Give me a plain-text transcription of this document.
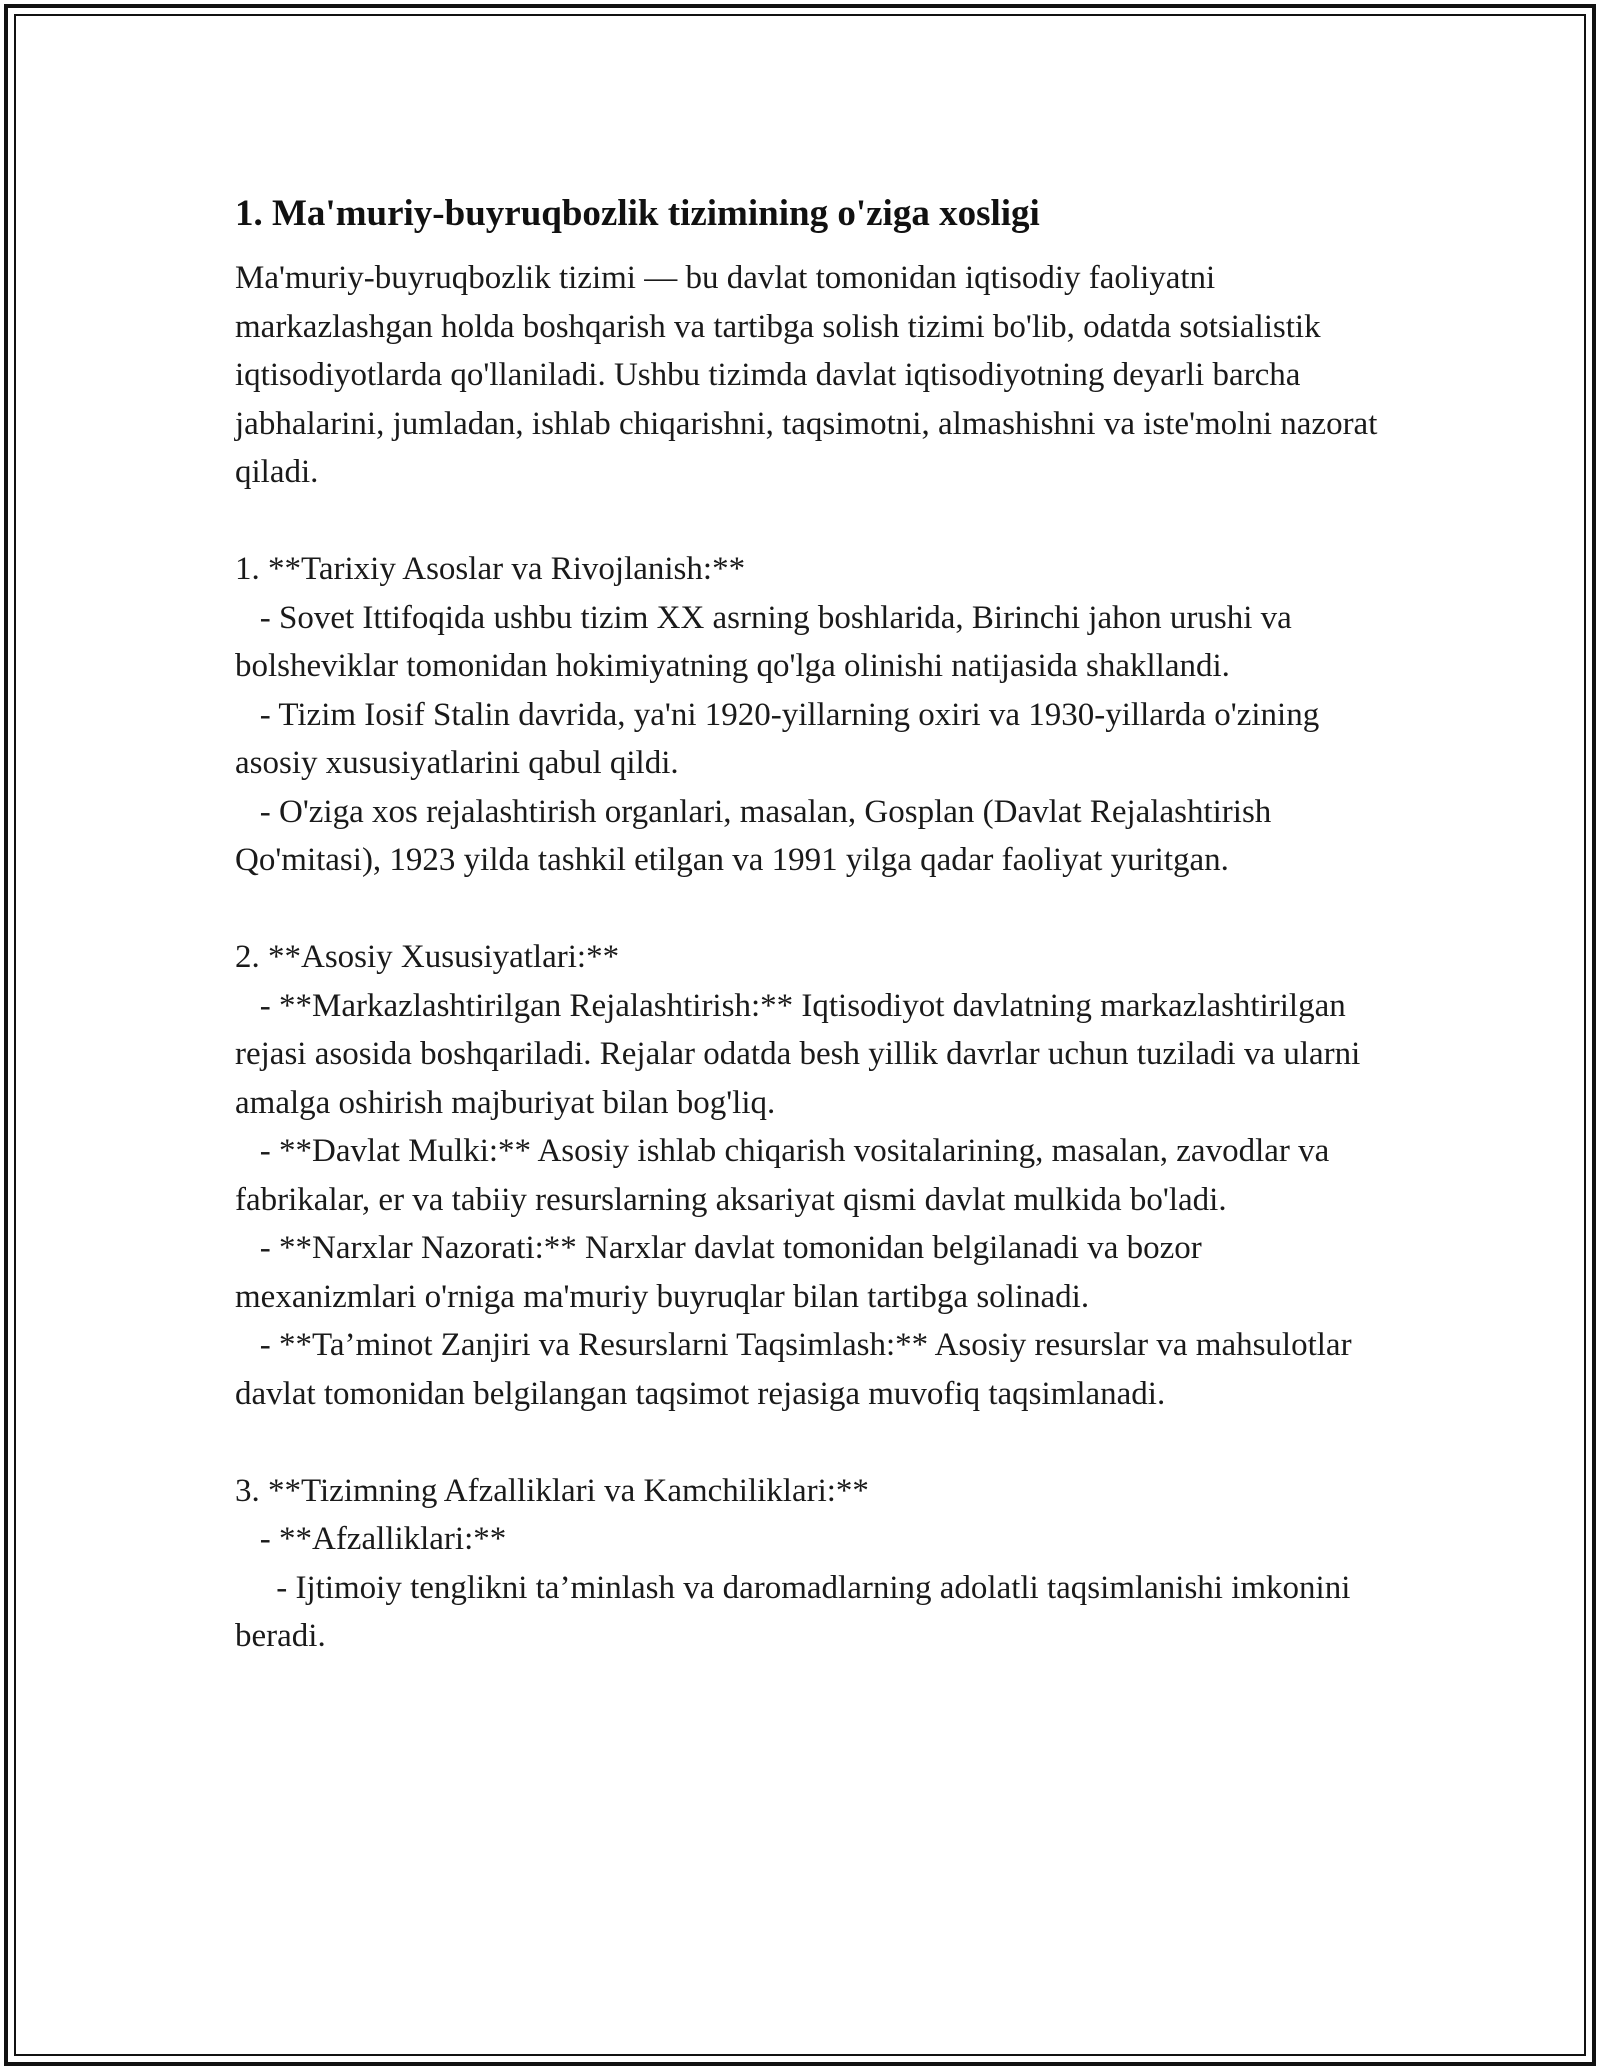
1. Ma'muriy-buyruqbozlik tizimining o'ziga xosligi

Ma'muriy-buyruqbozlik tizimi — bu davlat tomonidan iqtisodiy faoliyatni markazlashgan holda boshqarish va tartibga solish tizimi bo'lib, odatda sotsialistik iqtisodiyotlarda qo'llaniladi. Ushbu tizimda davlat iqtisodiyotning deyarli barcha jabhalarini, jumladan, ishlab chiqarishni, taqsimotni, almashishni va iste'molni nazorat qiladi.

1. **Tarixiy Asoslar va Rivojlanish:**
- Sovet Ittifoqida ushbu tizim XX asrning boshlarida, Birinchi jahon urushi va bolsheviklar tomonidan hokimiyatning qo'lga olinishi natijasida shakllandi.
- Tizim Iosif Stalin davrida, ya'ni 1920-yillarning oxiri va 1930-yillarda o'zining asosiy xususiyatlarini qabul qildi.
- O'ziga xos rejalashtirish organlari, masalan, Gosplan (Davlat Rejalashtirish Qo'mitasi), 1923 yilda tashkil etilgan va 1991 yilga qadar faoliyat yuritgan.
2. **Asosiy Xususiyatlari:**
- **Markazlashtirilgan Rejalashtirish:** Iqtisodiyot davlatning markazlashtirilgan rejasi asosida boshqariladi. Rejalar odatda besh yillik davrlar uchun tuziladi va ularni amalga oshirish majburiyat bilan bog'liq.
- **Davlat Mulki:** Asosiy ishlab chiqarish vositalarining, masalan, zavodlar va fabrikalar, er va tabiiy resurslarning aksariyat qismi davlat mulkida bo'ladi.
- **Narxlar Nazorati:** Narxlar davlat tomonidan belgilanadi va bozor mexanizmlari o'rniga ma'muriy buyruqlar bilan tartibga solinadi.
- **Ta’minot Zanjiri va Resurslarni Taqsimlash:** Asosiy resurslar va mahsulotlar davlat tomonidan belgilangan taqsimot rejasiga muvofiq taqsimlanadi.
3. **Tizimning Afzalliklari va Kamchiliklari:**
- **Afzalliklari:**
- Ijtimoiy tenglikni ta’minlash va daromadlarning adolatli taqsimlanishi imkonini beradi.
